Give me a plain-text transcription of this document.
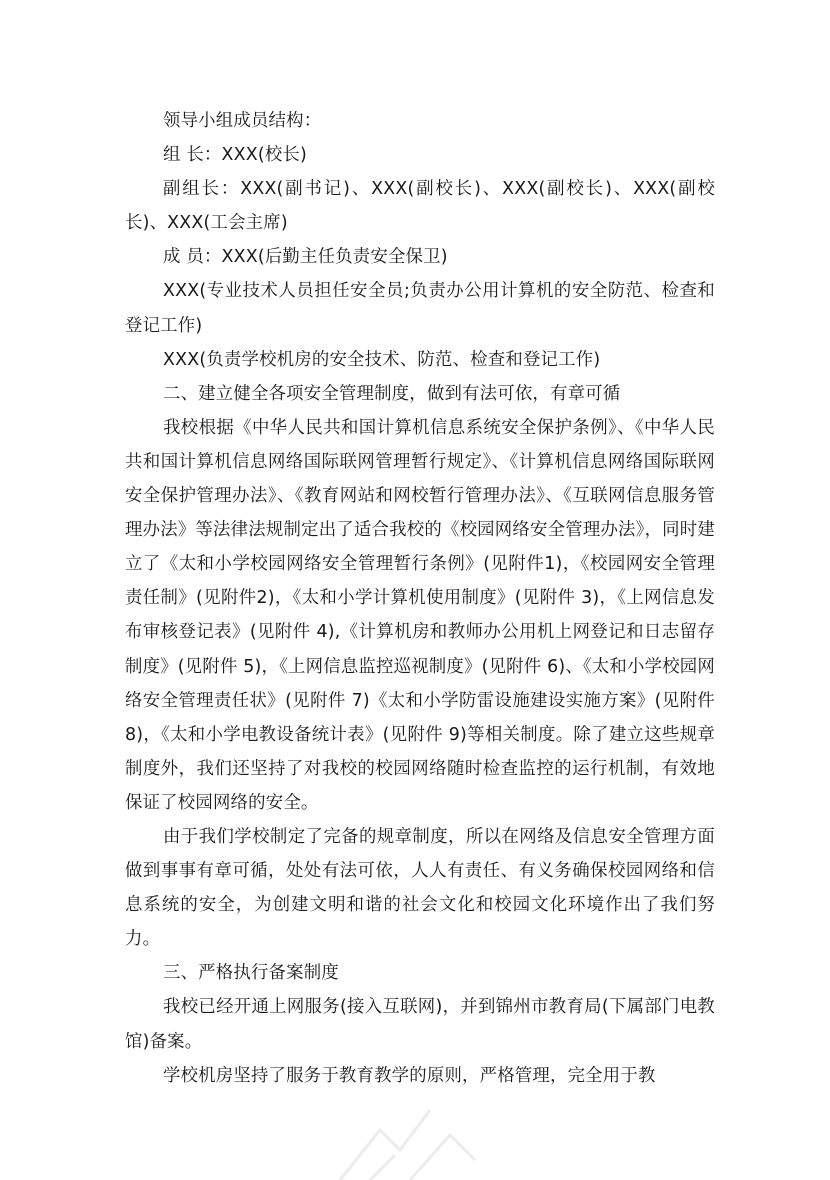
领导小组成员结构：

组 长：XXX(校长)

副组长：XXX(副书记)、XXX(副校长)、XXX(副校长)、XXX(副校长)、XXX(工会主席)

成 员：XXX(后勤主任负责安全保卫)

XXX(专业技术人员担任安全员;负责办公用计算机的安全防范、检查和登记工作)

XXX(负责学校机房的安全技术、防范、检查和登记工作)

二、建立健全各项安全管理制度，做到有法可依，有章可循

我校根据《中华人民共和国计算机信息系统安全保护条例》、《中华人民共和国计算机信息网络国际联网管理暂行规定》、《计算机信息网络国际联网安全保护管理办法》、《教育网站和网校暂行管理办法》、《互联网信息服务管理办法》等法律法规制定出了适合我校的《校园网络安全管理办法》，同时建立了《太和小学校园网络安全管理暂行条例》(见附件1)，《校园网安全管理责任制》(见附件2)，《太和小学计算机使用制度》(见附件 3)，《上网信息发布审核登记表》(见附件 4),《计算机房和教师办公用机上网登记和日志留存制度》(见附件 5)，《上网信息监控巡视制度》(见附件 6)、《太和小学校园网络安全管理责任状》(见附件 7)《太和小学防雷设施建设实施方案》(见附件 8)，《太和小学电教设备统计表》(见附件 9)等相关制度。除了建立这些规章制度外，我们还坚持了对我校的校园网络随时检查监控的运行机制，有效地保证了校园网络的安全。

由于我们学校制定了完备的规章制度，所以在网络及信息安全管理方面做到事事有章可循，处处有法可依，人人有责任、有义务确保校园网络和信息系统的安全，为创建文明和谐的社会文化和校园文化环境作出了我们努力。

三、严格执行备案制度

我校已经开通上网服务(接入互联网)，并到锦州市教育局(下属部门电教馆)备案。

学校机房坚持了服务于教育教学的原则，严格管理，完全用于教
